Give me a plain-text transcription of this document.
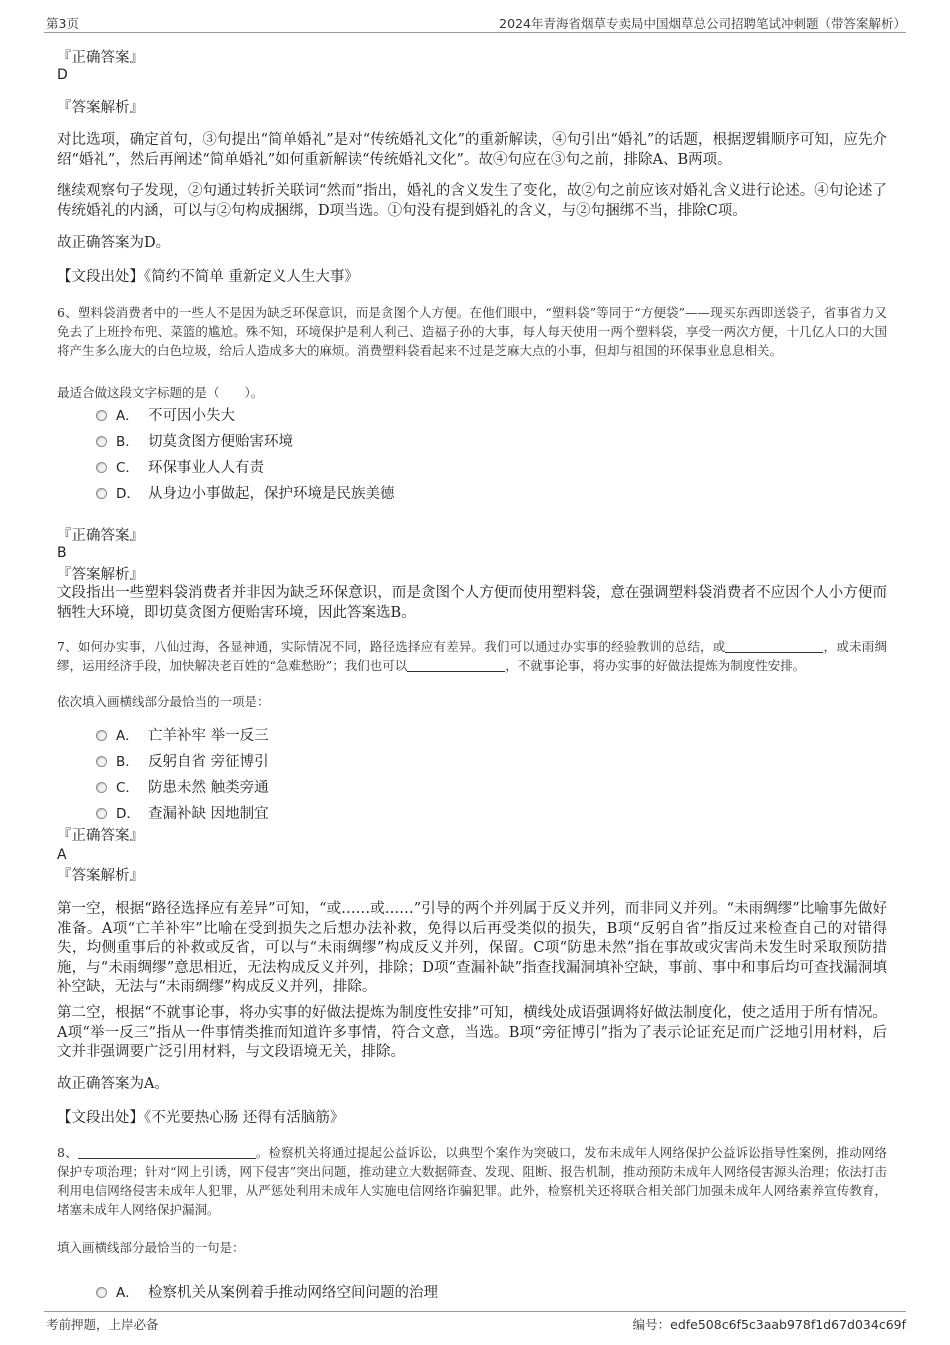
第3页	2024年青海省烟草专卖局中国烟草总公司招聘笔试冲刺题（带答案解析）
『正确答案』
D
『答案解析』
对比选项，确定首句，③句提出“简单婚礼”是对“传统婚礼文化”的重新解读，④句引出“婚礼”的话题，根据逻辑顺序可知，应先介绍“婚礼”，然后再阐述“简单婚礼”如何重新解读“传统婚礼文化”。故④句应在③句之前，排除A、B两项。
继续观察句子发现，②句通过转折关联词“然而”指出，婚礼的含义发生了变化，故②句之前应该对婚礼含义进行论述。④句论述了传统婚礼的内涵，可以与②句构成捆绑，D项当选。①句没有提到婚礼的含义，与②句捆绑不当，排除C项。
故正确答案为D。
【文段出处】《简约不简单 重新定义人生大事》
6、塑料袋消费者中的一些人不是因为缺乏环保意识，而是贪图个人方便。在他们眼中，“塑料袋”等同于“方便袋”——现买东西即送袋子，省事省力又免去了上班拎布兜、菜篮的尴尬。殊不知，环境保护是利人利己、造福子孙的大事，每人每天使用一两个塑料袋，享受一两次方便，十几亿人口的大国将产生多么庞大的白色垃圾，给后人造成多大的麻烦。消费塑料袋看起来不过是芝麻大点的小事，但却与祖国的环保事业息息相关。
最适合做这段文字标题的是（　　）。
A． 不可因小失大
B． 切莫贪图方便贻害环境
C． 环保事业人人有责
D． 从身边小事做起，保护环境是民族美德
『正确答案』
B
『答案解析』
文段指出一些塑料袋消费者并非因为缺乏环保意识，而是贪图个人方便而使用塑料袋，意在强调塑料袋消费者不应因个人小方便而牺牲大环境，即切莫贪图方便贻害环境，因此答案选B。
7、如何办实事，八仙过海，各显神通，实际情况不同，路径选择应有差异。我们可以通过办实事的经验教训的总结，或	，或未雨绸缪，运用经济手段，加快解决老百姓的“急难愁盼”；我们也可以	，不就事论事，将办实事的好做法提炼为制度性安排。
依次填入画横线部分最恰当的一项是：
A． 亡羊补牢 举一反三
B． 反躬自省 旁征博引
C． 防患未然 触类旁通
D． 查漏补缺 因地制宜
『正确答案』
A
『答案解析』
第一空，根据“路径选择应有差异”可知，“或……或……”引导的两个并列属于反义并列，而非同义并列。“未雨绸缪”比喻事先做好准备。A项“亡羊补牢”比喻在受到损失之后想办法补救，免得以后再受类似的损失，B项“反躬自省”指反过来检查自己的对错得失，均侧重事后的补救或反省，可以与“未雨绸缪”构成反义并列，保留。C项“防患未然”指在事故或灾害尚未发生时采取预防措施，与“未雨绸缪”意思相近，无法构成反义并列，排除；D项“查漏补缺”指查找漏洞填补空缺，事前、事中和事后均可查找漏洞填补空缺，无法与“未雨绸缪”构成反义并列，排除。
第二空，根据“不就事论事，将办实事的好做法提炼为制度性安排”可知，横线处成语强调将好做法制度化，使之适用于所有情况。A项“举一反三”指从一件事情类推而知道许多事情，符合文意，当选。B项“旁征博引”指为了表示论证充足而广泛地引用材料，后文并非强调要广泛引用材料，与文段语境无关，排除。
故正确答案为A。
【文段出处】《不光要热心肠 还得有活脑筋》
8、	。检察机关将通过提起公益诉讼，以典型个案作为突破口，发布未成年人网络保护公益诉讼指导性案例，推动网络保护专项治理；针对“网上引诱，网下侵害”突出问题，推动建立大数据筛查、发现、阻断、报告机制，推动预防未成年人网络侵害源头治理；依法打击利用电信网络侵害未成年人犯罪，从严惩处利用未成年人实施电信网络诈骗犯罪。此外，检察机关还将联合相关部门加强未成年人网络素养宣传教育，堵塞未成年人网络保护漏洞。
填入画横线部分最恰当的一句是：
A． 检察机关从案例着手推动网络空间问题的治理
考前押题，上岸必备	编号：edfe508c6f5c3aab978f1d67d034c69f
